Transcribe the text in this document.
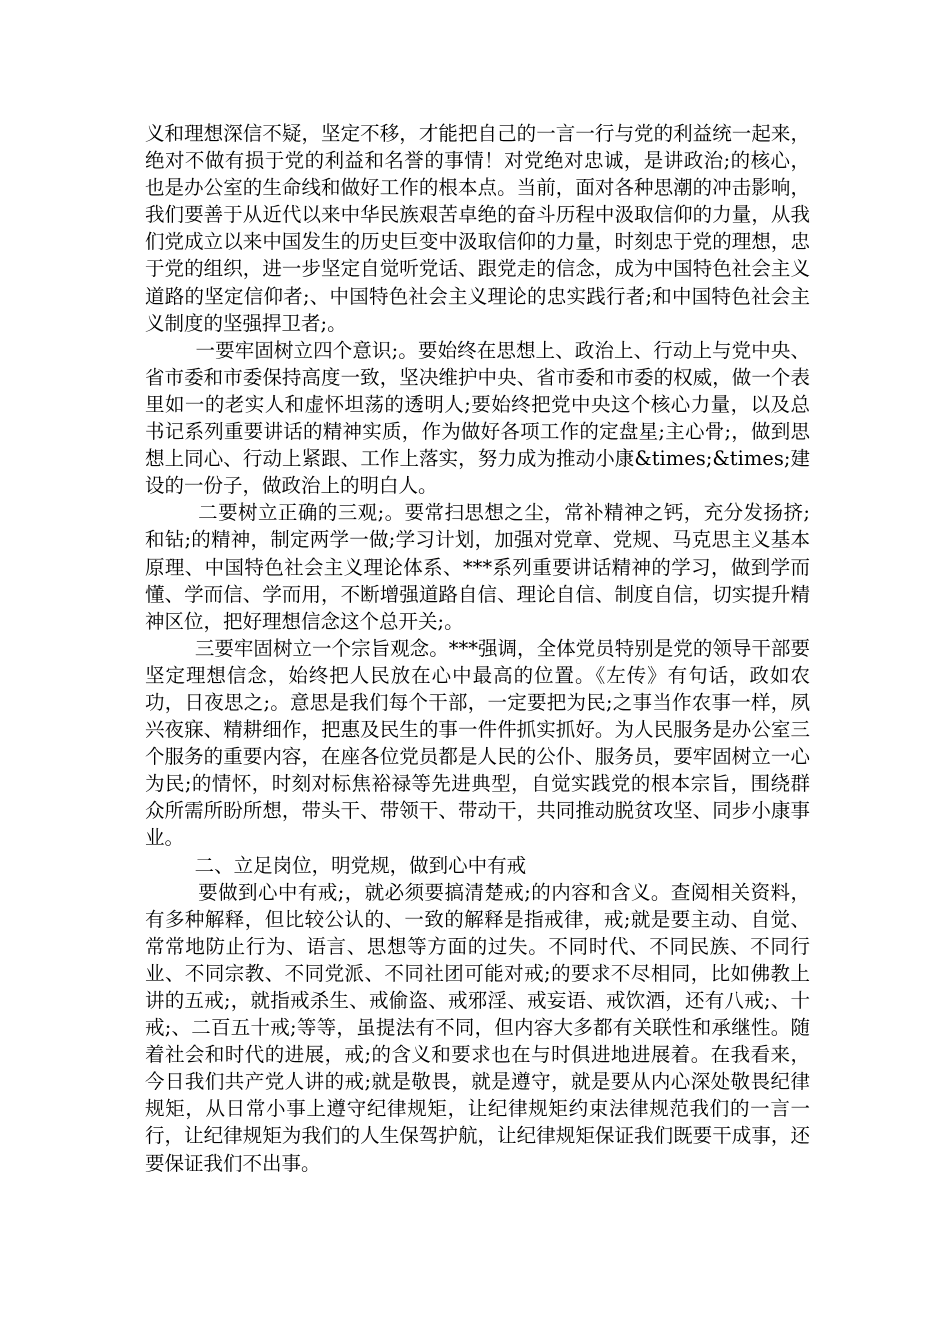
义和理想深信不疑，坚定不移，才能把自己的一言一行与党的利益统一起来，绝对不做有损于党的利益和名誉的事情！对党绝对忠诚，是讲政治;的核心，也是办公室的生命线和做好工作的根本点。当前，面对各种思潮的冲击影响，我们要善于从近代以来中华民族艰苦卓绝的奋斗历程中汲取信仰的力量，从我们党成立以来中国发生的历史巨变中汲取信仰的力量，时刻忠于党的理想，忠于党的组织，进一步坚定自觉听党话、跟党走的信念，成为中国特色社会主义道路的坚定信仰者;、中国特色社会主义理论的忠实践行者;和中国特色社会主义制度的坚强捍卫者;。

一要牢固树立四个意识;。要始终在思想上、政治上、行动上与党中央、省市委和市委保持高度一致，坚决维护中央、省市委和市委的权威，做一个表里如一的老实人和虚怀坦荡的透明人;要始终把党中央这个核心力量，以及总书记系列重要讲话的精神实质，作为做好各项工作的定盘星;主心骨;，做到思想上同心、行动上紧跟、工作上落实，努力成为推动小康&times;&times;建设的一份子，做政治上的明白人。

二要树立正确的三观;。要常扫思想之尘，常补精神之钙，充分发扬挤;和钻;的精神，制定两学一做;学习计划，加强对党章、党规、马克思主义基本原理、中国特色社会主义理论体系、***系列重要讲话精神的学习，做到学而懂、学而信、学而用，不断增强道路自信、理论自信、制度自信，切实提升精神区位，把好理想信念这个总开关;。

三要牢固树立一个宗旨观念。***强调，全体党员特别是党的领导干部要坚定理想信念，始终把人民放在心中最高的位置。《左传》有句话，政如农功，日夜思之;。意思是我们每个干部，一定要把为民;之事当作农事一样，夙兴夜寐、精耕细作，把惠及民生的事一件件抓实抓好。为人民服务是办公室三个服务的重要内容，在座各位党员都是人民的公仆、服务员，要牢固树立一心为民;的情怀，时刻对标焦裕禄等先进典型，自觉实践党的根本宗旨，围绕群众所需所盼所想，带头干、带领干、带动干，共同推动脱贫攻坚、同步小康事业。

二、立足岗位，明党规，做到心中有戒

要做到心中有戒;，就必须要搞清楚戒;的内容和含义。查阅相关资料，有多种解释，但比较公认的、一致的解释是指戒律，戒;就是要主动、自觉、常常地防止行为、语言、思想等方面的过失。不同时代、不同民族、不同行业、不同宗教、不同党派、不同社团可能对戒;的要求不尽相同，比如佛教上讲的五戒;，就指戒杀生、戒偷盗、戒邪淫、戒妄语、戒饮酒，还有八戒;、十戒;、二百五十戒;等等，虽提法有不同，但内容大多都有关联性和承继性。随着社会和时代的进展，戒;的含义和要求也在与时俱进地进展着。在我看来，今日我们共产党人讲的戒;就是敬畏，就是遵守，就是要从内心深处敬畏纪律规矩，从日常小事上遵守纪律规矩，让纪律规矩约束法律规范我们的一言一行，让纪律规矩为我们的人生保驾护航，让纪律规矩保证我们既要干成事，还要保证我们不出事。
